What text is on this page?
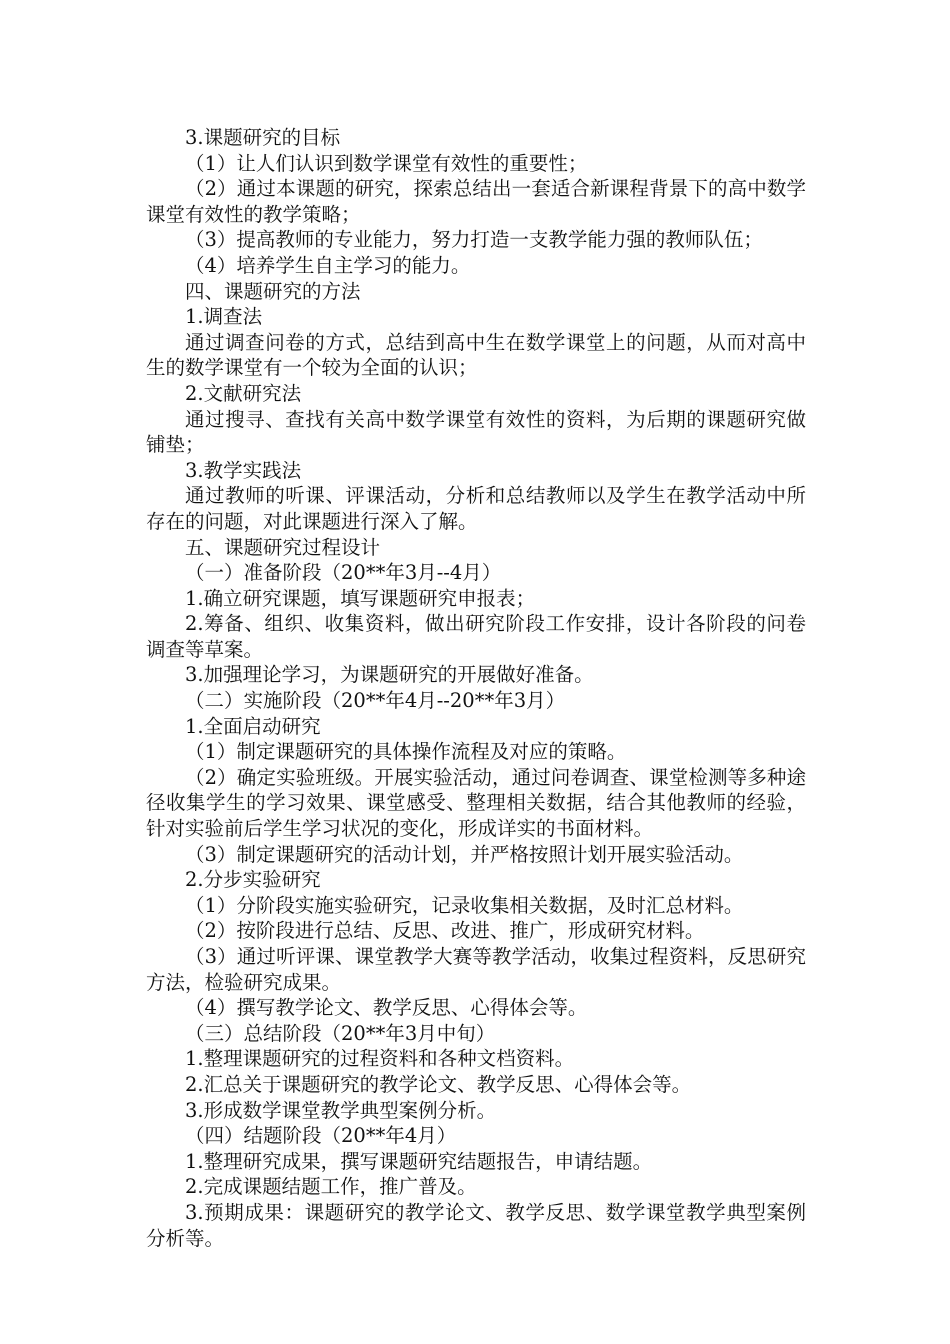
3.课题研究的目标

（1）让人们认识到数学课堂有效性的重要性；

（2）通过本课题的研究，探索总结出一套适合新课程背景下的高中数学课堂有效性的教学策略；

（3）提高教师的专业能力，努力打造一支教学能力强的教师队伍；

（4）培养学生自主学习的能力。

四、课题研究的方法

1.调查法

通过调查问卷的方式，总结到高中生在数学课堂上的问题，从而对高中生的数学课堂有一个较为全面的认识；

2.文献研究法

通过搜寻、查找有关高中数学课堂有效性的资料，为后期的课题研究做铺垫；

3.教学实践法

通过教师的听课、评课活动，分析和总结教师以及学生在教学活动中所存在的问题，对此课题进行深入了解。

五、课题研究过程设计

（一）准备阶段（20**年3月--4月）

1.确立研究课题，填写课题研究申报表；

2.筹备、组织、收集资料，做出研究阶段工作安排，设计各阶段的问卷调查等草案。

3.加强理论学习，为课题研究的开展做好准备。

（二）实施阶段（20**年4月--20**年3月）

1.全面启动研究

（1）制定课题研究的具体操作流程及对应的策略。

（2）确定实验班级。开展实验活动，通过问卷调查、课堂检测等多种途径收集学生的学习效果、课堂感受、整理相关数据，结合其他教师的经验，针对实验前后学生学习状况的变化，形成详实的书面材料。

（3）制定课题研究的活动计划，并严格按照计划开展实验活动。

2.分步实验研究

（1）分阶段实施实验研究，记录收集相关数据，及时汇总材料。

（2）按阶段进行总结、反思、改进、推广，形成研究材料。

（3）通过听评课、课堂教学大赛等教学活动，收集过程资料，反思研究方法，检验研究成果。

（4）撰写教学论文、教学反思、心得体会等。

（三）总结阶段（20**年3月中旬）

1.整理课题研究的过程资料和各种文档资料。

2.汇总关于课题研究的教学论文、教学反思、心得体会等。

3.形成数学课堂教学典型案例分析。

（四）结题阶段（20**年4月）

1.整理研究成果，撰写课题研究结题报告，申请结题。

2.完成课题结题工作，推广普及。

3.预期成果：课题研究的教学论文、教学反思、数学课堂教学典型案例分析等。
